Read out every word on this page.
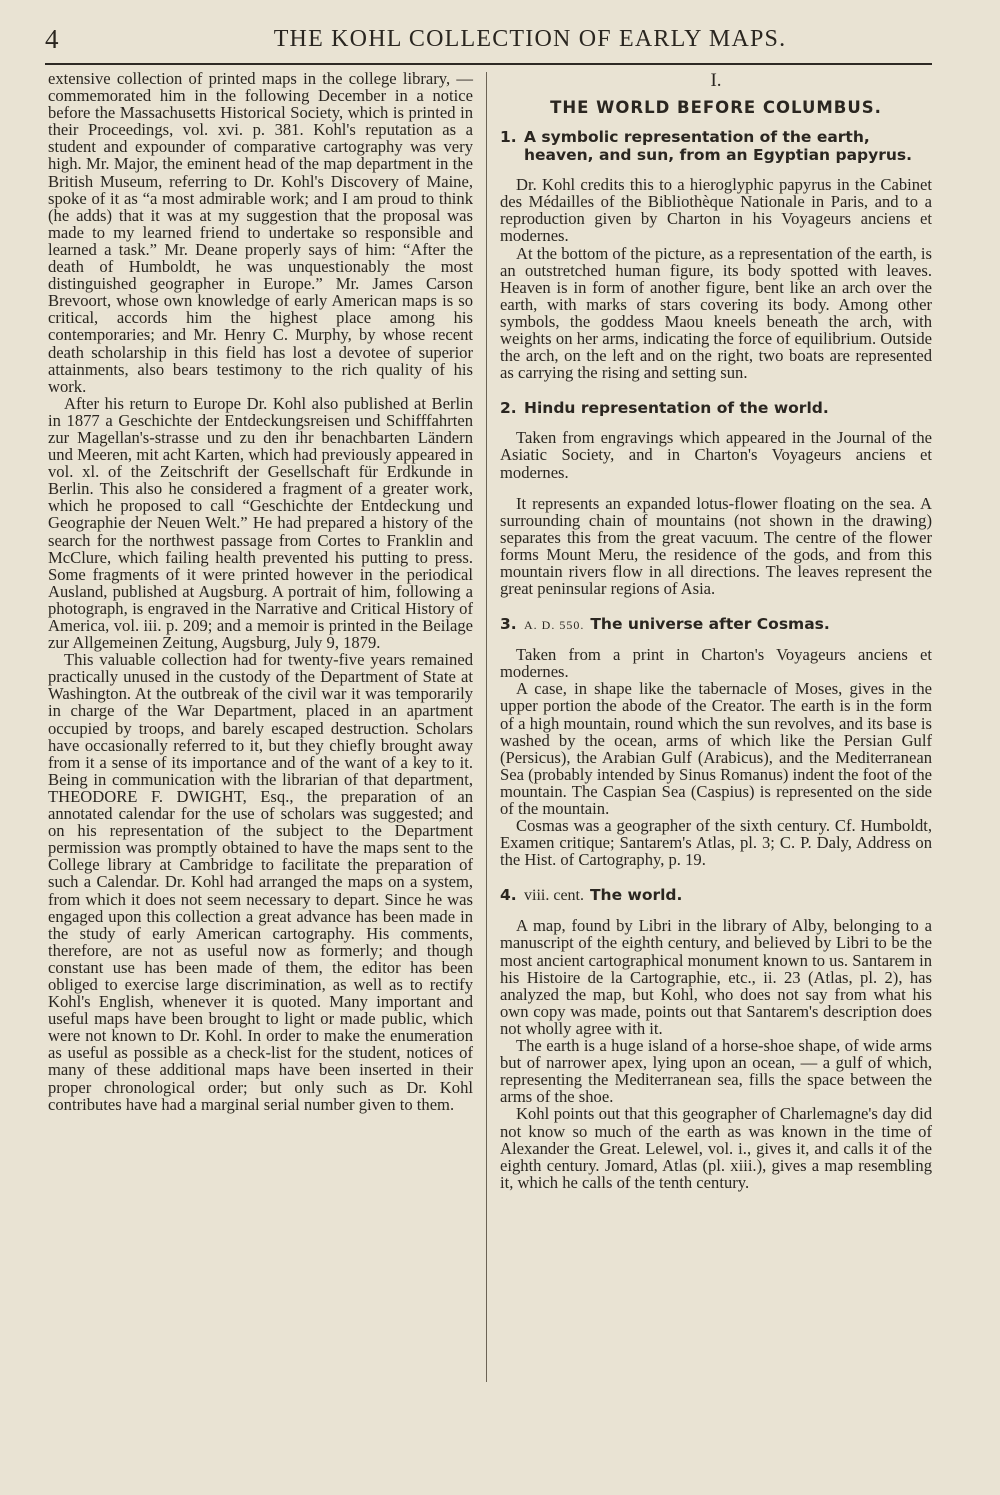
4	THE KOHL COLLECTION OF EARLY MAPS.

extensive collection of printed maps in the college library, — commemorated him in the following December in a notice before the Massachusetts Historical Society, which is printed in their Proceedings, vol. xvi. p. 381. Kohl's reputation as a student and expounder of comparative cartography was very high. Mr. Major, the eminent head of the map department in the British Museum, referring to Dr. Kohl's Discovery of Maine, spoke of it as “a most admirable work; and I am proud to think (he adds) that it was at my suggestion that the proposal was made to my learned friend to undertake so responsible and learned a task.” Mr. Deane properly says of him: “After the death of Humboldt, he was unquestionably the most distinguished geographer in Europe.” Mr. James Carson Brevoort, whose own knowledge of early American maps is so critical, accords him the highest place among his contemporaries; and Mr. Henry C. Murphy, by whose recent death scholarship in this field has lost a devotee of superior attainments, also bears testimony to the rich quality of his work.

After his return to Europe Dr. Kohl also published at Berlin in 1877 a Geschichte der Entdeckungsreisen und Schifffahrten zur Magellan's-strasse und zu den ihr benachbarten Ländern und Meeren, mit acht Karten, which had previously appeared in vol. xl. of the Zeitschrift der Gesellschaft für Erdkunde in Berlin. This also he considered a fragment of a greater work, which he proposed to call “Geschichte der Entdeckung und Geographie der Neuen Welt.” He had prepared a history of the search for the northwest passage from Cortes to Franklin and McClure, which failing health prevented his putting to press. Some fragments of it were printed however in the periodical Ausland, published at Augsburg. A portrait of him, following a photograph, is engraved in the Narrative and Critical History of America, vol. iii. p. 209; and a memoir is printed in the Beilage zur Allgemeinen Zeitung, Augsburg, July 9, 1879.

This valuable collection had for twenty-five years remained practically unused in the custody of the Department of State at Washington. At the outbreak of the civil war it was temporarily in charge of the War Department, placed in an apartment occupied by troops, and barely escaped destruction. Scholars have occasionally referred to it, but they chiefly brought away from it a sense of its importance and of the want of a key to it. Being in communication with the librarian of that department, THEODORE F. DWIGHT, Esq., the preparation of an annotated calendar for the use of scholars was suggested; and on his representation of the subject to the Department permission was promptly obtained to have the maps sent to the College library at Cambridge to facilitate the preparation of such a Calendar. Dr. Kohl had arranged the maps on a system, from which it does not seem necessary to depart. Since he was engaged upon this collection a great advance has been made in the study of early American cartography. His comments, therefore, are not as useful now as formerly; and though constant use has been made of them, the editor has been obliged to exercise large discrimination, as well as to rectify Kohl's English, whenever it is quoted. Many important and useful maps have been brought to light or made public, which were not known to Dr. Kohl. In order to make the enumeration as useful as possible as a check-list for the student, notices of many of these additional maps have been inserted in their proper chronological order; but only such as Dr. Kohl contributes have had a marginal serial number given to them.

I.
THE WORLD BEFORE COLUMBUS.
1. A symbolic representation of the earth, heaven, and sun, from an Egyptian papyrus.

Dr. Kohl credits this to a hieroglyphic papyrus in the Cabinet des Médailles of the Bibliothèque Nationale in Paris, and to a reproduction given by Charton in his Voyageurs anciens et modernes.

At the bottom of the picture, as a representation of the earth, is an outstretched human figure, its body spotted with leaves. Heaven is in form of another figure, bent like an arch over the earth, with marks of stars covering its body. Among other symbols, the goddess Maou kneels beneath the arch, with weights on her arms, indicating the force of equilibrium. Outside the arch, on the left and on the right, two boats are represented as carrying the rising and setting sun.

2. Hindu representation of the world.

Taken from engravings which appeared in the Journal of the Asiatic Society, and in Charton's Voyageurs anciens et modernes.

It represents an expanded lotus-flower floating on the sea. A surrounding chain of mountains (not shown in the drawing) separates this from the great vacuum. The centre of the flower forms Mount Meru, the residence of the gods, and from this mountain rivers flow in all directions. The leaves represent the great peninsular regions of Asia.

3. A. D. 550. The universe after Cosmas.

Taken from a print in Charton's Voyageurs anciens et modernes.

A case, in shape like the tabernacle of Moses, gives in the upper portion the abode of the Creator. The earth is in the form of a high mountain, round which the sun revolves, and its base is washed by the ocean, arms of which like the Persian Gulf (Persicus), the Arabian Gulf (Arabicus), and the Mediterranean Sea (probably intended by Sinus Romanus) indent the foot of the mountain. The Caspian Sea (Caspius) is represented on the side of the mountain.

Cosmas was a geographer of the sixth century. Cf. Humboldt, Examen critique; Santarem's Atlas, pl. 3; C. P. Daly, Address on the Hist. of Cartography, p. 19.

4. viii. cent. The world.

A map, found by Libri in the library of Alby, belonging to a manuscript of the eighth century, and believed by Libri to be the most ancient cartographical monument known to us. Santarem in his Histoire de la Cartographie, etc., ii. 23 (Atlas, pl. 2), has analyzed the map, but Kohl, who does not say from what his own copy was made, points out that Santarem's description does not wholly agree with it.

The earth is a huge island of a horse-shoe shape, of wide arms but of narrower apex, lying upon an ocean, — a gulf of which, representing the Mediterranean sea, fills the space between the arms of the shoe.

Kohl points out that this geographer of Charlemagne's day did not know so much of the earth as was known in the time of Alexander the Great. Lelewel, vol. i., gives it, and calls it of the eighth century. Jomard, Atlas (pl. xiii.), gives a map resembling it, which he calls of the tenth century.
